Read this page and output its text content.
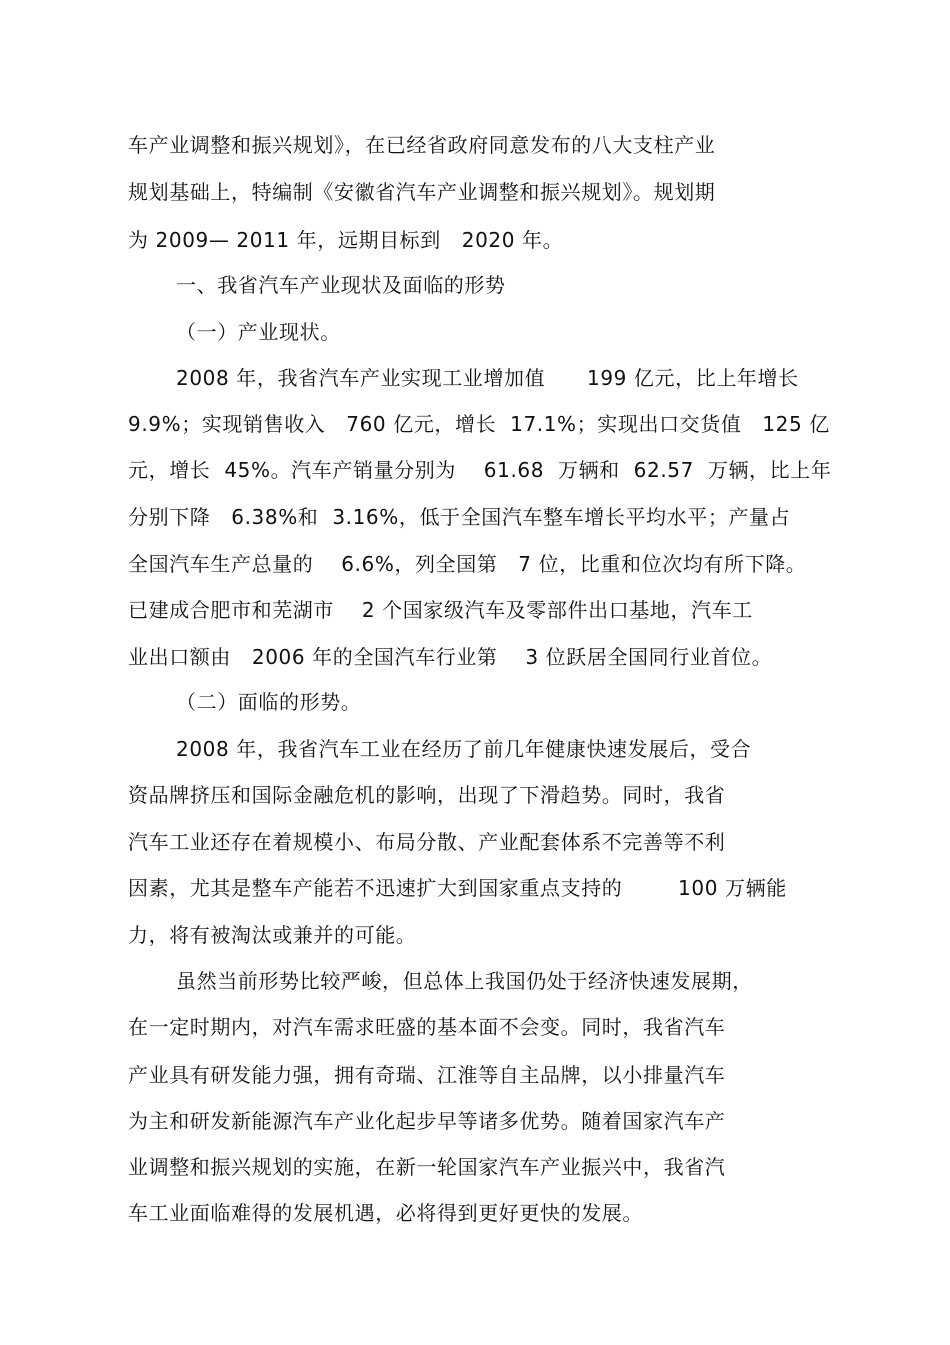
车产业调整和振兴规划》，在已经省政府同意发布的八大支柱产业
规划基础上，特编制《安徽省汽车产业调整和振兴规划》。规划期
为 2009— 2011 年，远期目标到   2020 年。
一、我省汽车产业现状及面临的形势
（一）产业现状。
2008 年，我省汽车产业实现工业增加值      199 亿元，比上年增长
9.9%；实现销售收入   760 亿元，增长  17.1%；实现出口交货值   125 亿
元，增长  45%。汽车产销量分别为    61.68  万辆和  62.57  万辆，比上年
分别下降   6.38%和  3.16%，低于全国汽车整车增长平均水平；产量占
全国汽车生产总量的    6.6%，列全国第   7 位，比重和位次均有所下降。
已建成合肥市和芜湖市    2 个国家级汽车及零部件出口基地，汽车工
业出口额由   2006 年的全国汽车行业第    3 位跃居全国同行业首位。
（二）面临的形势。
2008 年，我省汽车工业在经历了前几年健康快速发展后，受合
资品牌挤压和国际金融危机的影响，出现了下滑趋势。同时，我省
汽车工业还存在着规模小、布局分散、产业配套体系不完善等不利
因素，尤其是整车产能若不迅速扩大到国家重点支持的        100 万辆能
力，将有被淘汰或兼并的可能。
虽然当前形势比较严峻，但总体上我国仍处于经济快速发展期，
在一定时期内，对汽车需求旺盛的基本面不会变。同时，我省汽车
产业具有研发能力强，拥有奇瑞、江淮等自主品牌，以小排量汽车
为主和研发新能源汽车产业化起步早等诸多优势。随着国家汽车产
业调整和振兴规划的实施，在新一轮国家汽车产业振兴中，我省汽
车工业面临难得的发展机遇，必将得到更好更快的发展。
